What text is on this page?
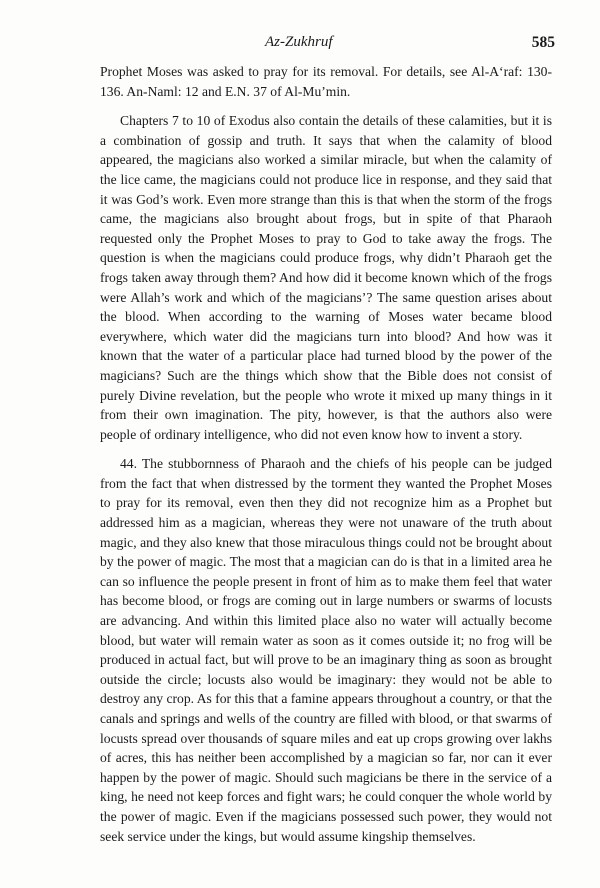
Az-Zukhruf	585

Prophet Moses was asked to pray for its removal. For details, see Al-A‘raf: 130-136. An-Naml: 12 and E.N. 37 of Al-Mu’min.

Chapters 7 to 10 of Exodus also contain the details of these calamities, but it is a combination of gossip and truth. It says that when the calamity of blood appeared, the magicians also worked a similar miracle, but when the calamity of the lice came, the magicians could not produce lice in response, and they said that it was God’s work. Even more strange than this is that when the storm of the frogs came, the magicians also brought about frogs, but in spite of that Pharaoh requested only the Prophet Moses to pray to God to take away the frogs. The question is when the magicians could produce frogs, why didn’t Pharaoh get the frogs taken away through them? And how did it become known which of the frogs were Allah’s work and which of the magicians’? The same question arises about the blood. When according to the warning of Moses water became blood everywhere, which water did the magicians turn into blood? And how was it known that the water of a particular place had turned blood by the power of the magicians? Such are the things which show that the Bible does not consist of purely Divine revelation, but the people who wrote it mixed up many things in it from their own imagination. The pity, however, is that the authors also were people of ordinary intelligence, who did not even know how to invent a story.

44. The stubbornness of Pharaoh and the chiefs of his people can be judged from the fact that when distressed by the torment they wanted the Prophet Moses to pray for its removal, even then they did not recognize him as a Prophet but addressed him as a magician, whereas they were not unaware of the truth about magic, and they also knew that those miraculous things could not be brought about by the power of magic. The most that a magician can do is that in a limited area he can so influence the people present in front of him as to make them feel that water has become blood, or frogs are coming out in large numbers or swarms of locusts are advancing. And within this limited place also no water will actually become blood, but water will remain water as soon as it comes outside it; no frog will be produced in actual fact, but will prove to be an imaginary thing as soon as brought outside the circle; locusts also would be imaginary: they would not be able to destroy any crop. As for this that a famine appears throughout a country, or that the canals and springs and wells of the country are filled with blood, or that swarms of locusts spread over thousands of square miles and eat up crops growing over lakhs of acres, this has neither been accomplished by a magician so far, nor can it ever happen by the power of magic. Should such magicians be there in the service of a king, he need not keep forces and fight wars; he could conquer the whole world by the power of magic. Even if the magicians possessed such power, they would not seek service under the kings, but would assume kingship themselves.
